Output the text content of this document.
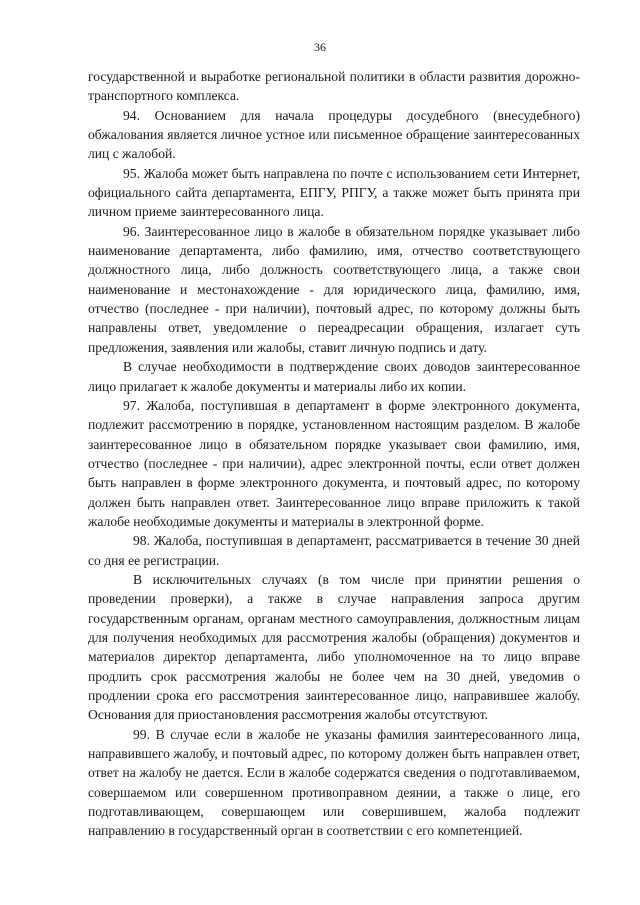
36

государственной и выработке региональной политики в области развития дорожно-транспортного комплекса.

94. Основанием для начала процедуры досудебного (внесудебного) обжалования является личное устное или письменное обращение заинтересованных лиц с жалобой.

95. Жалоба может быть направлена по почте с использованием сети Интернет, официального сайта департамента, ЕПГУ, РПГУ, а также может быть принята при личном приеме заинтересованного лица.

96. Заинтересованное лицо в жалобе в обязательном порядке указывает либо наименование департамента, либо фамилию, имя, отчество соответствующего должностного лица, либо должность соответствующего лица, а также свои наименование и местонахождение - для юридического лица, фамилию, имя, отчество (последнее - при наличии), почтовый адрес, по которому должны быть направлены ответ, уведомление о переадресации обращения, излагает суть предложения, заявления или жалобы, ставит личную подпись и дату.

В случае необходимости в подтверждение своих доводов заинтересованное лицо прилагает к жалобе документы и материалы либо их копии.

97. Жалоба, поступившая в департамент в форме электронного документа, подлежит рассмотрению в порядке, установленном настоящим разделом. В жалобе заинтересованное лицо в обязательном порядке указывает свои фамилию, имя, отчество (последнее - при наличии), адрес электронной почты, если ответ должен быть направлен в форме электронного документа, и почтовый адрес, по которому должен быть направлен ответ. Заинтересованное лицо вправе приложить к такой жалобе необходимые документы и материалы в электронной форме.

98. Жалоба, поступившая в департамент, рассматривается в течение 30 дней со дня ее регистрации.

В исключительных случаях (в том числе при принятии решения о проведении проверки), а также в случае направления запроса другим государственным органам, органам местного самоуправления, должностным лицам для получения необходимых для рассмотрения жалобы (обращения) документов и материалов директор департамента, либо уполномоченное на то лицо вправе продлить срок рассмотрения жалобы не более чем на 30 дней, уведомив о продлении срока его рассмотрения заинтересованное лицо, направившее жалобу. Основания для приостановления рассмотрения жалобы отсутствуют.

99. В случае если в жалобе не указаны фамилия заинтересованного лица, направившего жалобу, и почтовый адрес, по которому должен быть направлен ответ, ответ на жалобу не дается. Если в жалобе содержатся сведения о подготавливаемом, совершаемом или совершенном противоправном деянии, а также о лице, его подготавливающем, совершающем или совершившем, жалоба подлежит направлению в государственный орган в соответствии с его компетенцией.
